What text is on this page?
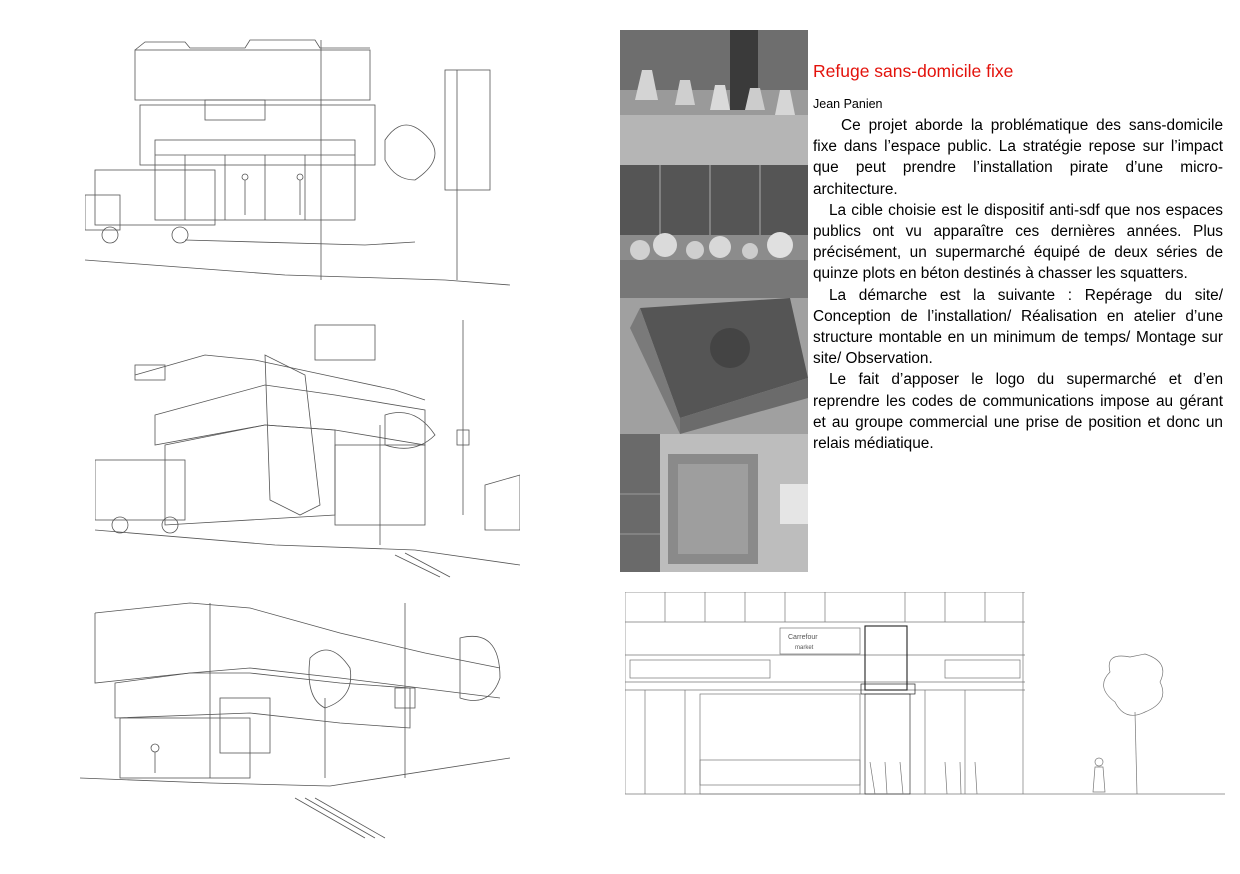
Refuge sans-domicile fixe

Jean Panien

Ce projet aborde la problématique des sans-domicile fixe dans l’espace public. La stratégie repose sur l’impact que peut prendre l’installation pirate d’une micro-architecture.

La cible choisie est le dispositif anti-sdf que nos espaces publics ont vu apparaître ces dernières années. Plus précisément, un supermarché équipé de deux séries de quinze plots en béton destinés à chasser les squatters.

La démarche est la suivante : Repérage du site/ Conception de l’installation/ Réalisation en atelier d’une structure montable en un minimum de temps/ Montage sur site/ Observation.

Le fait d’apposer le logo du supermarché et d’en reprendre les codes de communications impose au gérant et au groupe commercial une prise de position et donc un relais médiatique.

Carrefour
market
